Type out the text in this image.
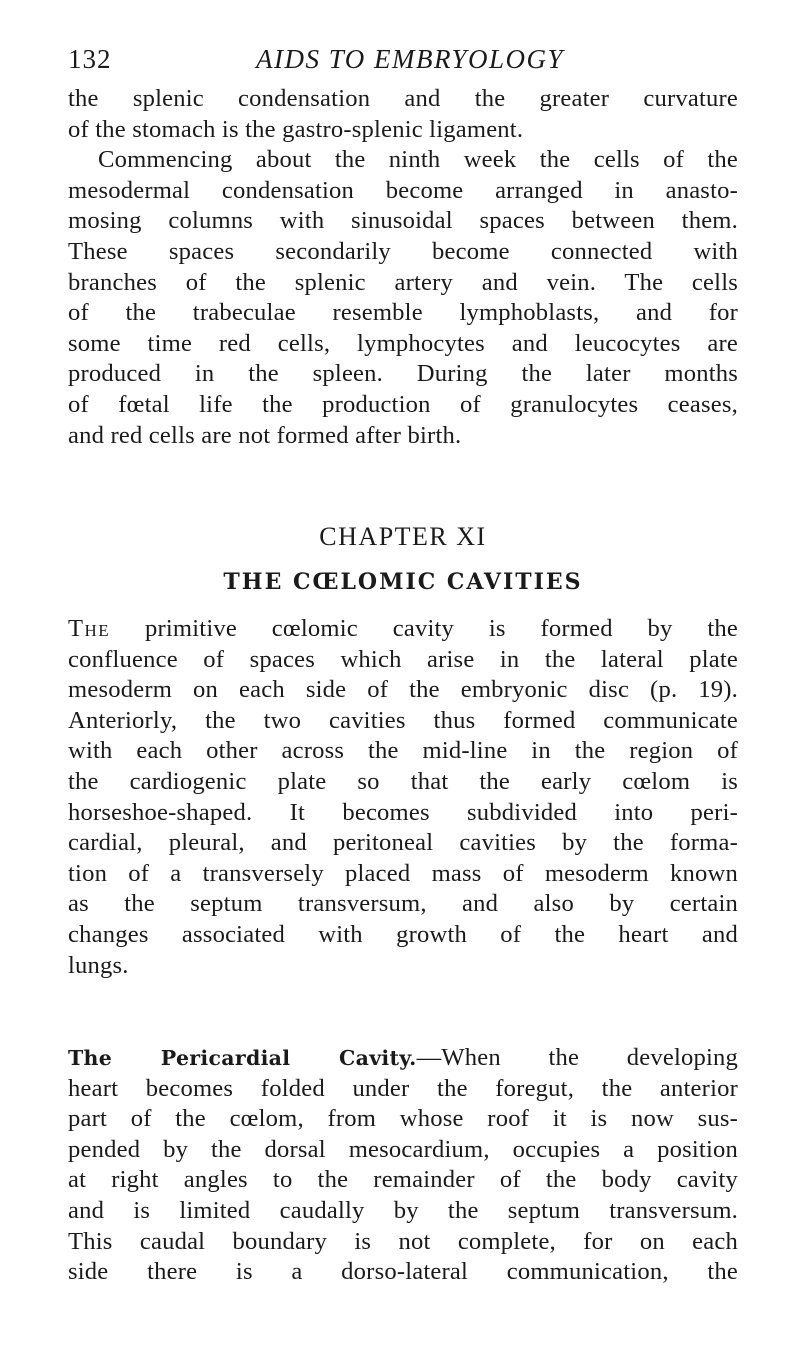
132	AIDS TO EMBRYOLOGY

the splenic condensation and the greater curvature

of the stomach is the gastro-splenic ligament.

Commencing about the ninth week the cells of the

mesodermal condensation become arranged in anasto-

mosing columns with sinusoidal spaces between them.

These spaces secondarily become connected with

branches of the splenic artery and vein. The cells

of the trabeculae resemble lymphoblasts, and for

some time red cells, lymphocytes and leucocytes are

produced in the spleen. During the later months

of fœtal life the production of granulocytes ceases,

and red cells are not formed after birth.

CHAPTER XI
THE CŒLOMIC CAVITIES

The primitive cœlomic cavity is formed by the

confluence of spaces which arise in the lateral plate

mesoderm on each side of the embryonic disc (p. 19).

Anteriorly, the two cavities thus formed communicate

with each other across the mid-line in the region of

the cardiogenic plate so that the early cœlom is

horseshoe-shaped. It becomes subdivided into peri-

cardial, pleural, and peritoneal cavities by the forma-

tion of a transversely placed mass of mesoderm known

as the septum transversum, and also by certain

changes associated with growth of the heart and

lungs.

The Pericardial Cavity.—When the developing

heart becomes folded under the foregut, the anterior

part of the cœlom, from whose roof it is now sus-

pended by the dorsal mesocardium, occupies a position

at right angles to the remainder of the body cavity

and is limited caudally by the septum transversum.

This caudal boundary is not complete, for on each

side there is a dorso-lateral communication, the
